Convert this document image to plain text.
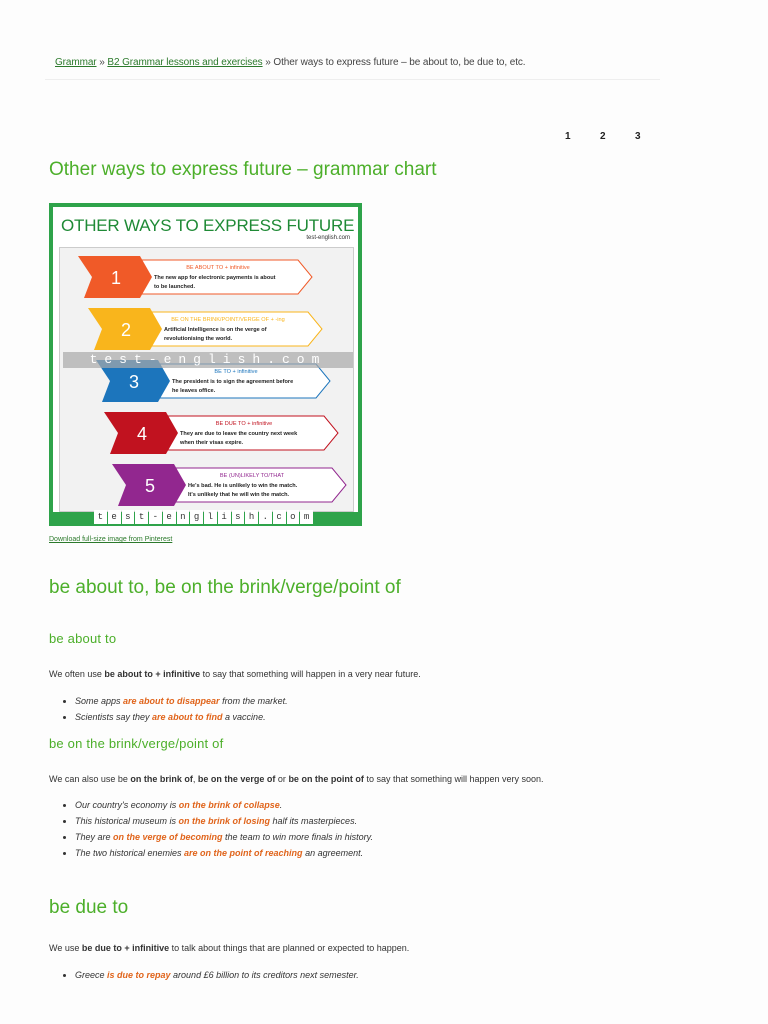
Grammar » B2 Grammar lessons and exercises » Other ways to express future – be about to, be due to, etc.
1	2	3
Other ways to express future – grammar chart
OTHER WAYS TO EXPRESS FUTURE
test-english.com
1	BE ABOUT TO + infinitive
The new app for electronic payments is about
to be launched.
2	BE ON THE BRINK/POINT/VERGE OF + -ing
Artificial Intelligence is on the verge of
revolutionising the world.
3	BE TO + infinitive
The president is to sign the agreement before
he leaves office.
4	BE DUE TO + infinitive
They are due to leave the country next week
when their visas expire.
5	BE (UN)LIKELY TO/THAT
He's bad. He is unlikely to win the match.
It's unlikely that he will win the match.
test-english.com
t e s t - e n g l i s h . c o m
Download full-size image from Pinterest
be about to, be on the brink/verge/point of
be about to

We often use be about to + infinitive to say that something will happen in a very near future.

• Some apps are about to disappear from the market.
• Scientists say they are about to find a vaccine.
be on the brink/verge/point of

We can also use be on the brink of, be on the verge of or be on the point of to say that something will happen very soon.

• Our country's economy is on the brink of collapse.
• This historical museum is on the brink of losing half its masterpieces.
• They are on the verge of becoming the team to win more finals in history.
• The two historical enemies are on the point of reaching an agreement.
be due to

We use be due to + infinitive to talk about things that are planned or expected to happen.

• Greece is due to repay around £6 billion to its creditors next semester.
